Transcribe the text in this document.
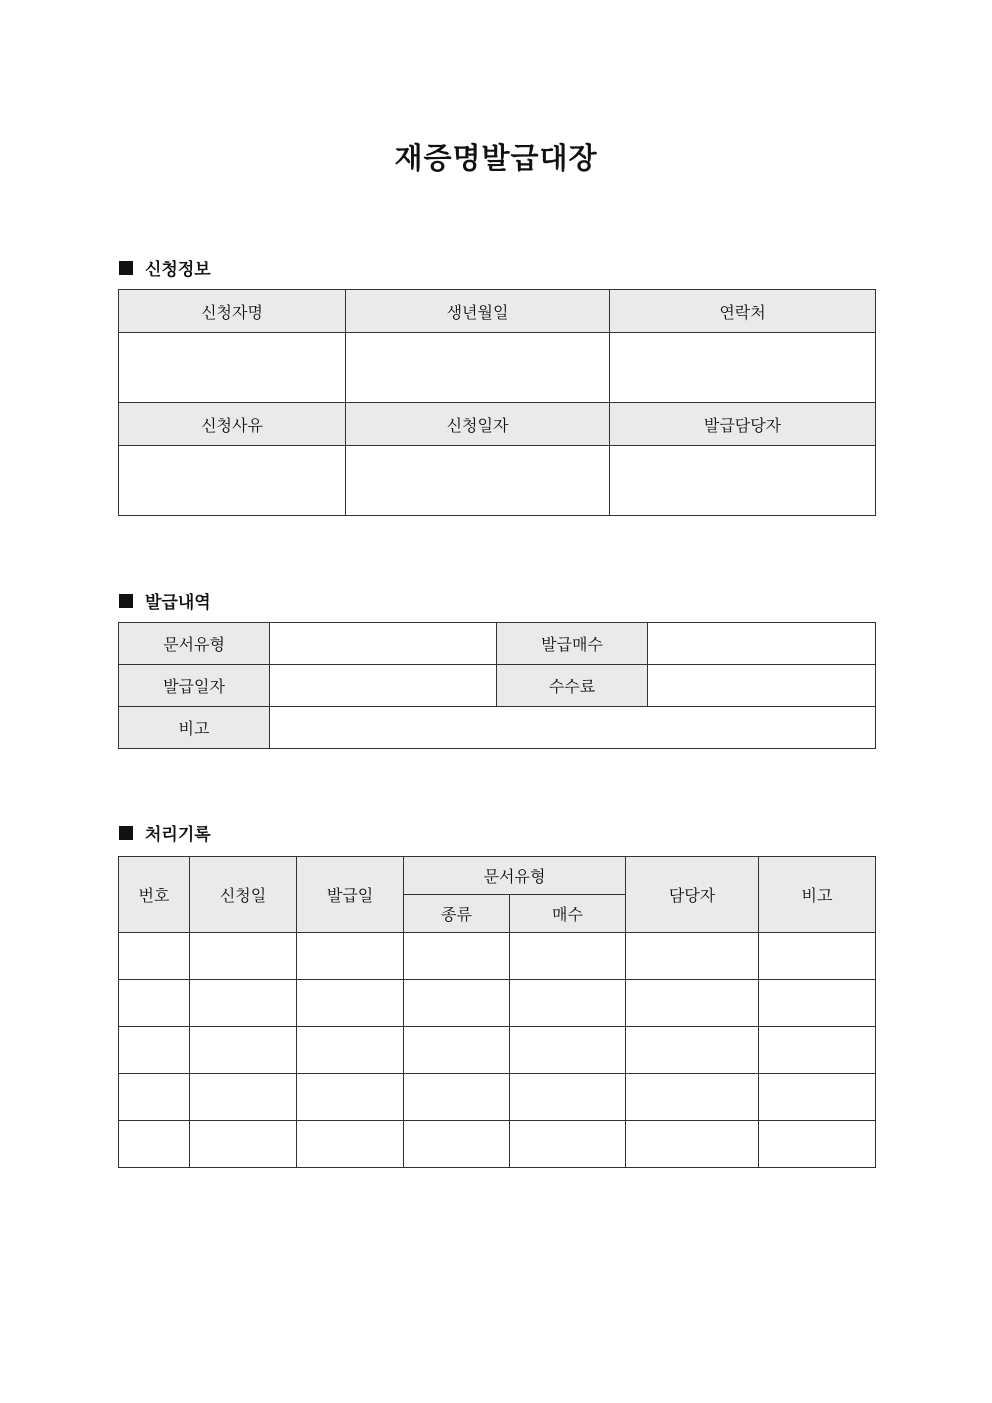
재증명발급대장
신청정보
신청자명	생년월일	연락처

신청사유	신청일자	발급담당자

발급내역
문서유형		발급매수	
발급일자		수수료	
비고			
처리기록
번호	신청일	발급일	문서유형		담당자	비고
			종류	매수		
